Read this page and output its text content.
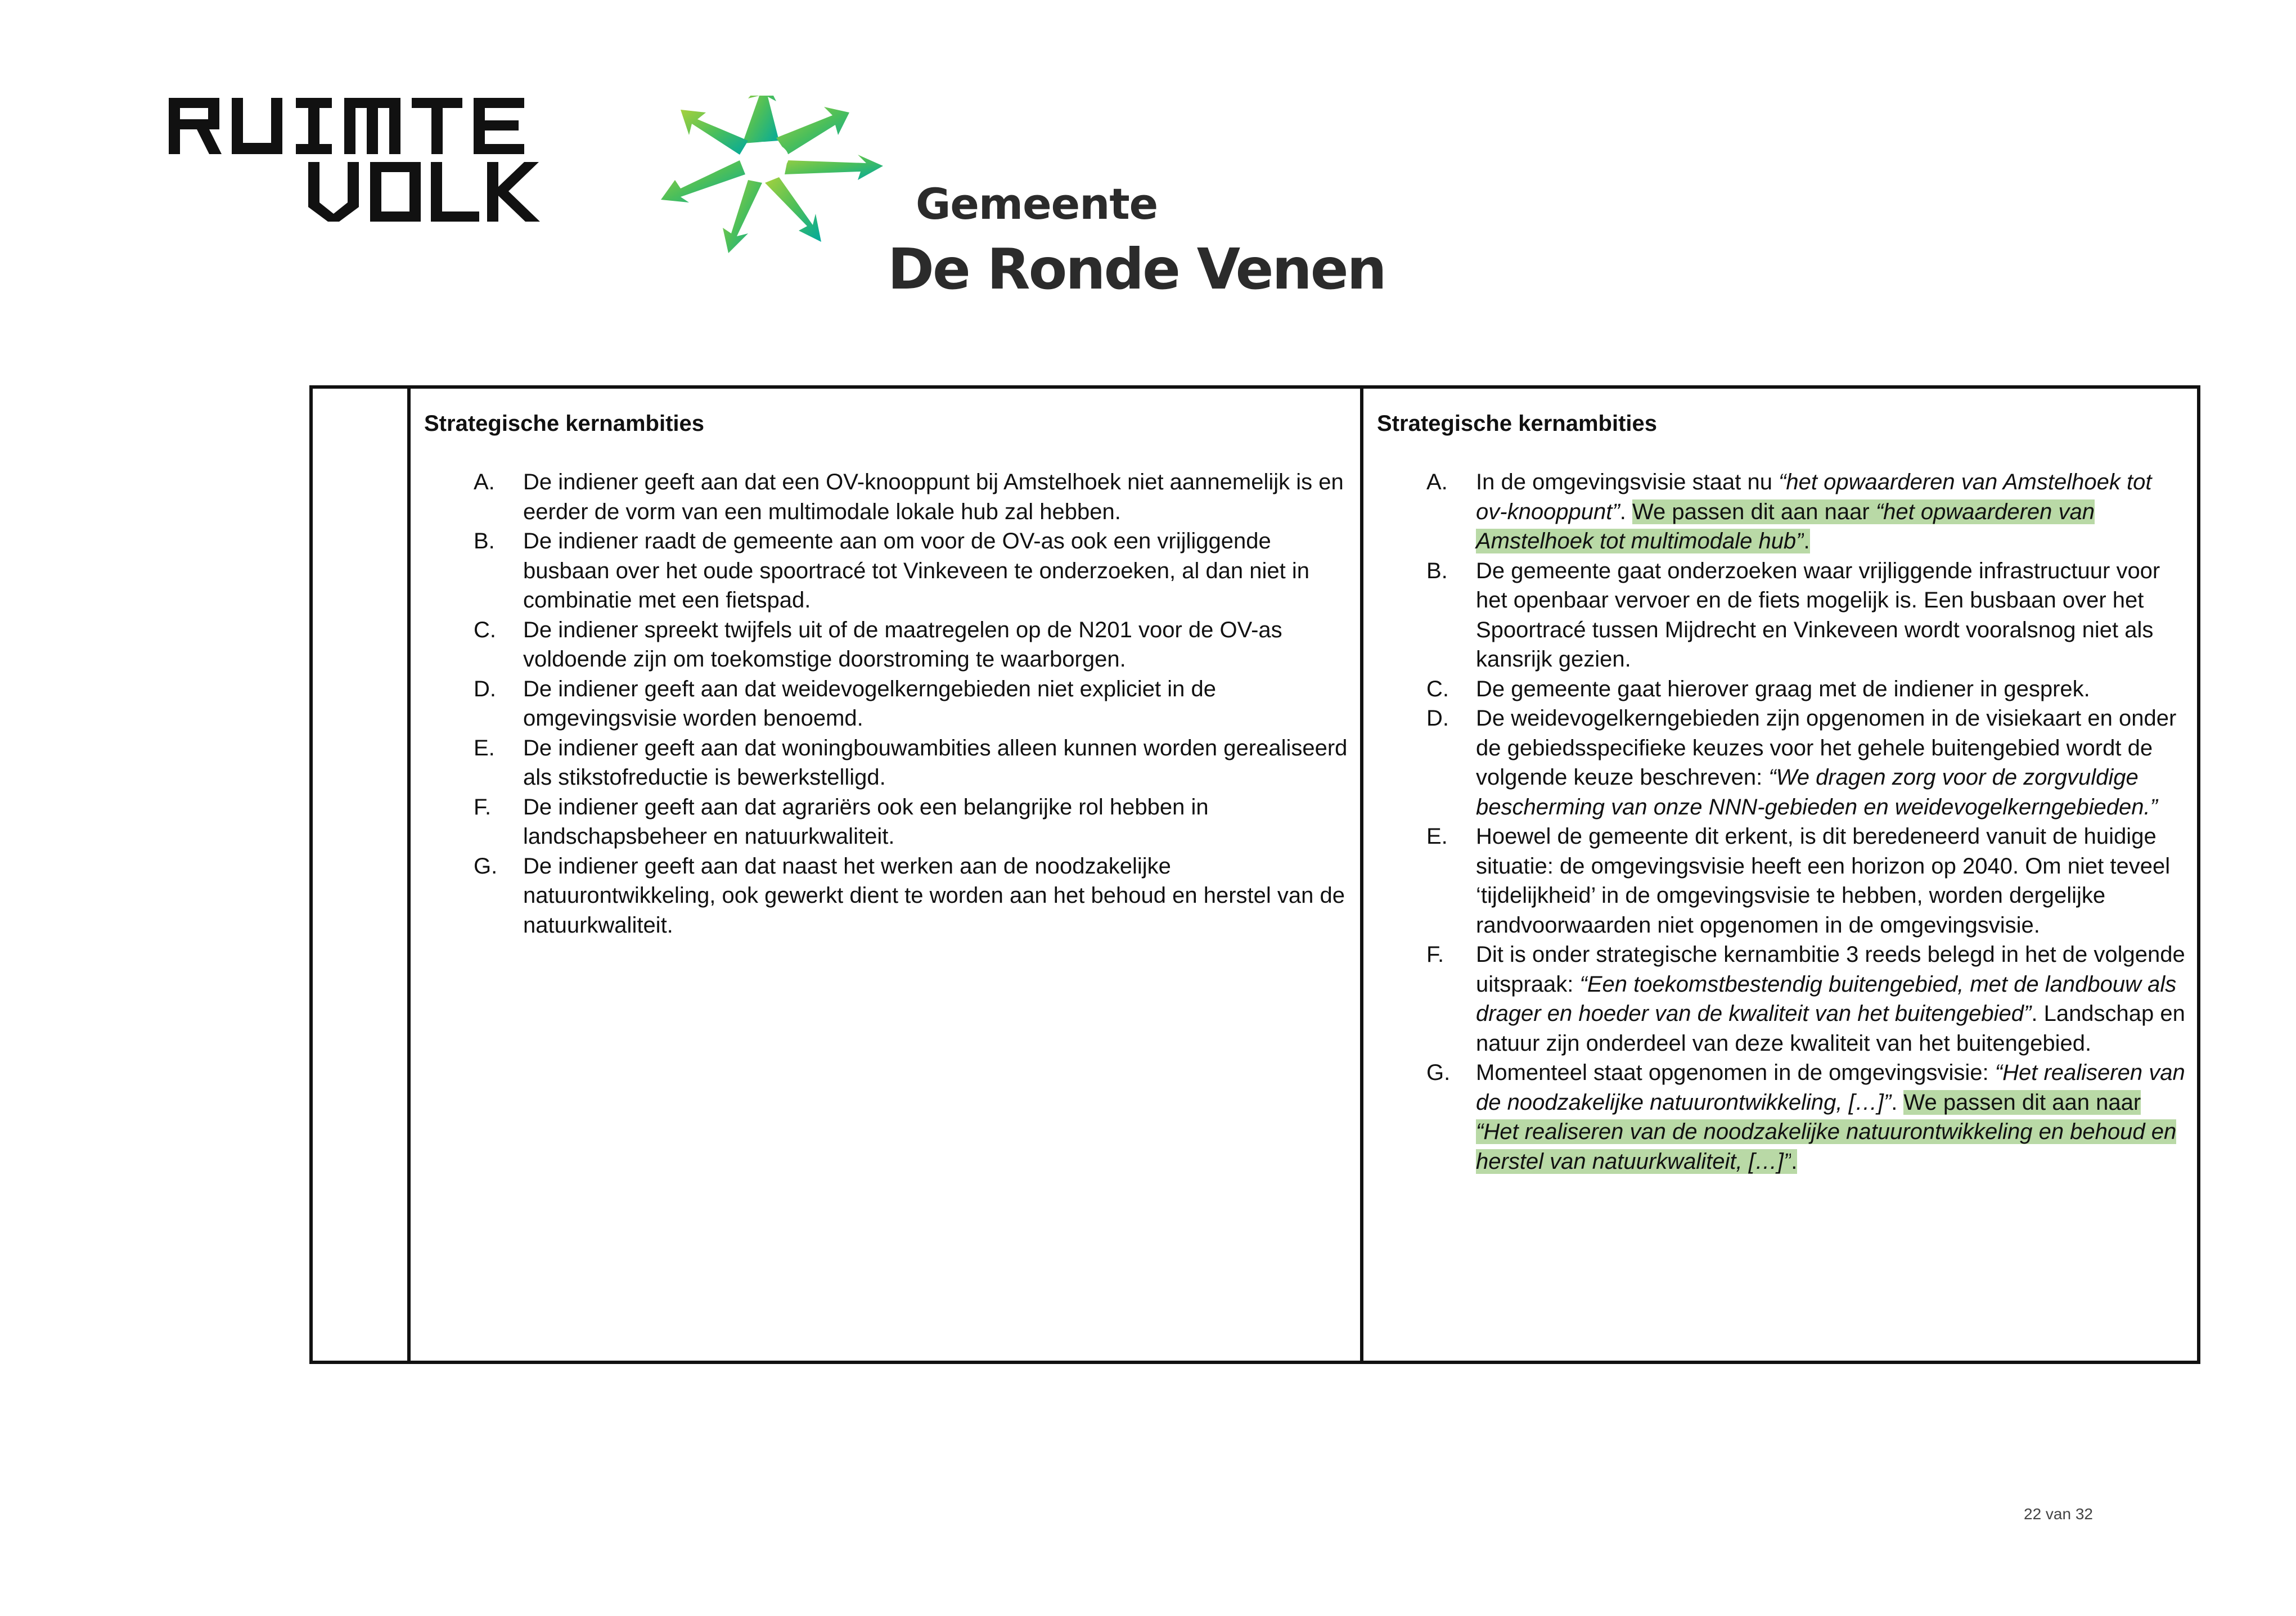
Gemeente
De Ronde Venen
Strategische kernambities
A. De indiener geeft aan dat een OV-knooppunt bij Amstelhoek niet aannemelijk is en eerder de vorm van een multimodale lokale hub zal hebben.
B. De indiener raadt de gemeente aan om voor de OV-as ook een vrijliggende busbaan over het oude spoortracé tot Vinkeveen te onderzoeken, al dan niet in combinatie met een fietspad.
C. De indiener spreekt twijfels uit of de maatregelen op de N201 voor de OV-as voldoende zijn om toekomstige doorstroming te waarborgen.
D. De indiener geeft aan dat weidevogelkerngebieden niet expliciet in de omgevingsvisie worden benoemd.
E. De indiener geeft aan dat woningbouwambities alleen kunnen worden gerealiseerd als stikstofreductie is bewerkstelligd.
F. De indiener geeft aan dat agrariërs ook een belangrijke rol hebben in landschapsbeheer en natuurkwaliteit.
G. De indiener geeft aan dat naast het werken aan de noodzakelijke natuurontwikkeling, ook gewerkt dient te worden aan het behoud en herstel van de natuurkwaliteit.
Strategische kernambities
A. In de omgevingsvisie staat nu “het opwaarderen van Amstelhoek tot ov-knooppunt”. We passen dit aan naar “het opwaarderen van Amstelhoek tot multimodale hub”.
B. De gemeente gaat onderzoeken waar vrijliggende infrastructuur voor het openbaar vervoer en de fiets mogelijk is. Een busbaan over het Spoortracé tussen Mijdrecht en Vinkeveen wordt vooralsnog niet als kansrijk gezien.
C. De gemeente gaat hierover graag met de indiener in gesprek.
D. De weidevogelkerngebieden zijn opgenomen in de visiekaart en onder de gebiedsspecifieke keuzes voor het gehele buitengebied wordt de volgende keuze beschreven: “We dragen zorg voor de zorgvuldige bescherming van onze NNN-gebieden en weidevogelkerngebieden.”
E. Hoewel de gemeente dit erkent, is dit beredeneerd vanuit de huidige situatie: de omgevingsvisie heeft een horizon op 2040. Om niet teveel ‘tijdelijkheid’ in de omgevingsvisie te hebben, worden dergelijke randvoorwaarden niet opgenomen in de omgevingsvisie.
F. Dit is onder strategische kernambitie 3 reeds belegd in het de volgende uitspraak: “Een toekomstbestendig buitengebied, met de landbouw als drager en hoeder van de kwaliteit van het buitengebied”. Landschap en natuur zijn onderdeel van deze kwaliteit van het buitengebied.
G. Momenteel staat opgenomen in de omgevingsvisie: “Het realiseren van de noodzakelijke natuurontwikkeling, […]”. We passen dit aan naar “Het realiseren van de noodzakelijke natuurontwikkeling en behoud en herstel van natuurkwaliteit, […]”.
22 van 32
